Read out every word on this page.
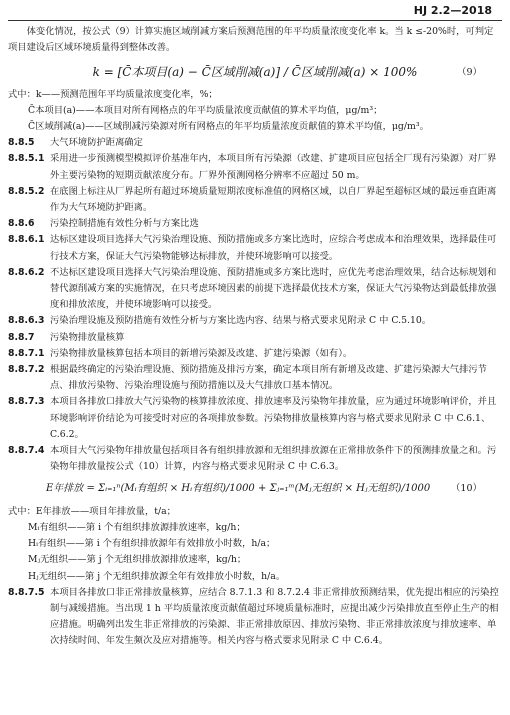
HJ 2.2—2018

体变化情况，按公式（9）计算实施区域削减方案后预测范围的年平均质量浓度变化率 k。当 k ≤-20%时，可判定项目建设后区域环境质量得到整体改善。

k = [C̄本项目(a) − C̄区域削减(a)] / C̄区域削减(a) × 100%	（9）

式中：k——预测范围年平均质量浓度变化率，%；

C̄本项目(a)——本项目对所有网格点的年平均质量浓度贡献值的算术平均值，μg/m³；

C̄区域削减(a)——区域削减污染源对所有网格点的年平均质量浓度贡献值的算术平均值，μg/m³。

8.8.5	大气环境防护距离确定
8.8.5.1 采用进一步预测模型模拟评价基准年内，本项目所有污染源（改建、扩建项目应包括全厂现有污染源）对厂界外主要污染物的短期贡献浓度分布。厂界外预测网格分辨率不应超过 50 m。
8.8.5.2 在底图上标注从厂界起所有超过环境质量短期浓度标准值的网格区域，以自厂界起至超标区域的最远垂直距离作为大气环境防护距离。
8.8.6	污染控制措施有效性分析与方案比选
8.8.6.1 达标区建设项目选择大气污染治理设施、预防措施或多方案比选时，应综合考虑成本和治理效果，选择最佳可行技术方案，保证大气污染物能够达标排放，并使环境影响可以接受。
8.8.6.2 不达标区建设项目选择大气污染治理设施、预防措施或多方案比选时，应优先考虑治理效果，结合达标规划和替代源削减方案的实施情况，在只考虑环境因素的前提下选择最优技术方案，保证大气污染物达到最低排放强度和排放浓度，并使环境影响可以接受。
8.8.6.3 污染治理设施及预防措施有效性分析与方案比选内容、结果与格式要求见附录 C 中 C.5.10。
8.8.7	污染物排放量核算
8.8.7.1 污染物排放量核算包括本项目的新增污染源及改建、扩建污染源（如有）。
8.8.7.2 根据最终确定的污染治理设施、预防措施及排污方案，确定本项目所有新增及改建、扩建污染源大气排污节点、排放污染物、污染治理设施与预防措施以及大气排放口基本情况。
8.8.7.3 本项目各排放口排放大气污染物的核算排放浓度、排放速率及污染物年排放量，应为通过环境影响评价，并且环境影响评价结论为可接受时对应的各项排放参数。污染物排放量核算内容与格式要求见附录 C 中 C.6.1、C.6.2。
8.8.7.4 本项目大气污染物年排放量包括项目各有组织排放源和无组织排放源在正常排放条件下的预测排放量之和。污染物年排放量按公式（10）计算，内容与格式要求见附录 C 中 C.6.3。
E年排放 = Σᵢ₌₁ⁿ(Mᵢ有组织 × Hᵢ有组织)/1000 + Σⱼ₌₁ᵐ(Mⱼ无组织 × Hⱼ无组织)/1000 （10）

式中：E年排放——项目年排放量，t/a；

Mᵢ有组织——第 i 个有组织排放源排放速率，kg/h；

Hᵢ有组织——第 i 个有组织排放源年有效排放小时数，h/a；

Mⱼ无组织——第 j 个无组织排放源排放速率，kg/h；

Hⱼ无组织——第 j 个无组织排放源全年有效排放小时数，h/a。

8.8.7.5 本项目各排放口非正常排放量核算，应结合 8.7.1.3 和 8.7.2.4 非正常排放预测结果，优先提出相应的污染控制与减缓措施。当出现 1 h 平均质量浓度贡献值超过环境质量标准时，应提出减少污染排放直至停止生产的相应措施。明确列出发生非正常排放的污染源、非正常排放原因、排放污染物、非正常排放浓度与排放速率、单次持续时间、年发生频次及应对措施等。相关内容与格式要求见附录 C 中 C.6.4。
